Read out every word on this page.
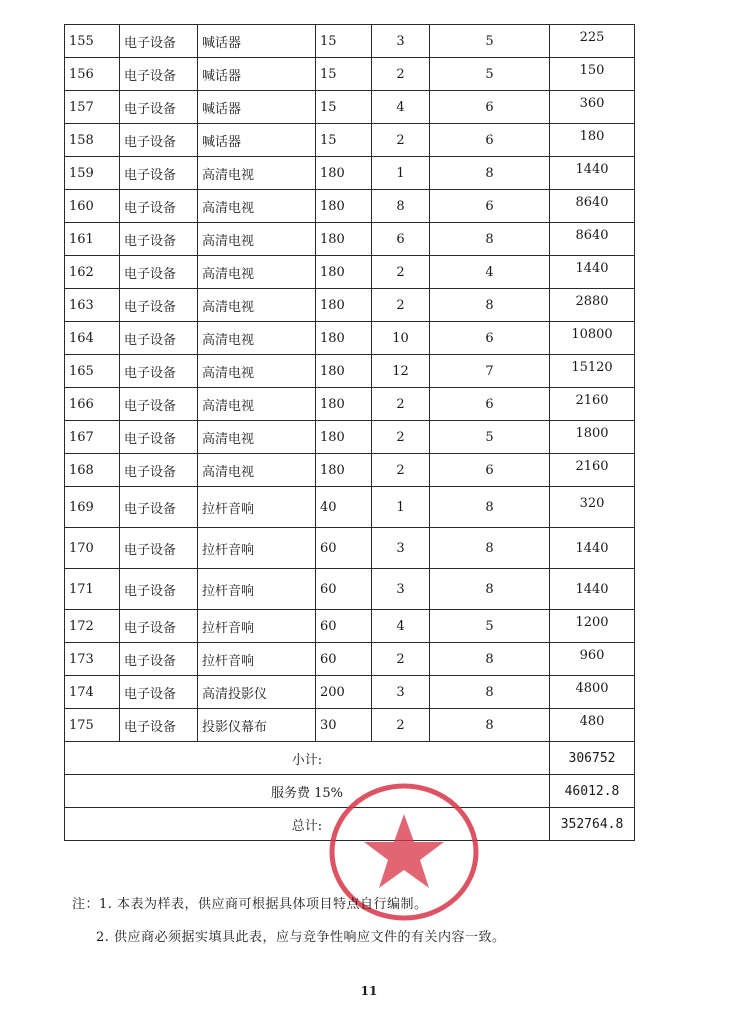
155	电子设备	喊话器	15	3	5	225
156	电子设备	喊话器	15	2	5	150
157	电子设备	喊话器	15	4	6	360
158	电子设备	喊话器	15	2	6	180
159	电子设备	高清电视	180	1	8	1440
160	电子设备	高清电视	180	8	6	8640
161	电子设备	高清电视	180	6	8	8640
162	电子设备	高清电视	180	2	4	1440
163	电子设备	高清电视	180	2	8	2880
164	电子设备	高清电视	180	10	6	10800
165	电子设备	高清电视	180	12	7	15120
166	电子设备	高清电视	180	2	6	2160
167	电子设备	高清电视	180	2	5	1800
168	电子设备	高清电视	180	2	6	2160
169	电子设备	拉杆音响	40	1	8	320
170	电子设备	拉杆音响	60	3	8	1440
171	电子设备	拉杆音响	60	3	8	1440
172	电子设备	拉杆音响	60	4	5	1200
173	电子设备	拉杆音响	60	2	8	960
174	电子设备	高清投影仪	200	3	8	4800
175	电子设备	投影仪幕布	30	2	8	480
小计:						306752
服务费 15%						46012.8
总计:						352764.8
注：1. 本表为样表，供应商可根据具体项目特点自行编制。
2. 供应商必须据实填具此表，应与竞争性响应文件的有关内容一致。
11
